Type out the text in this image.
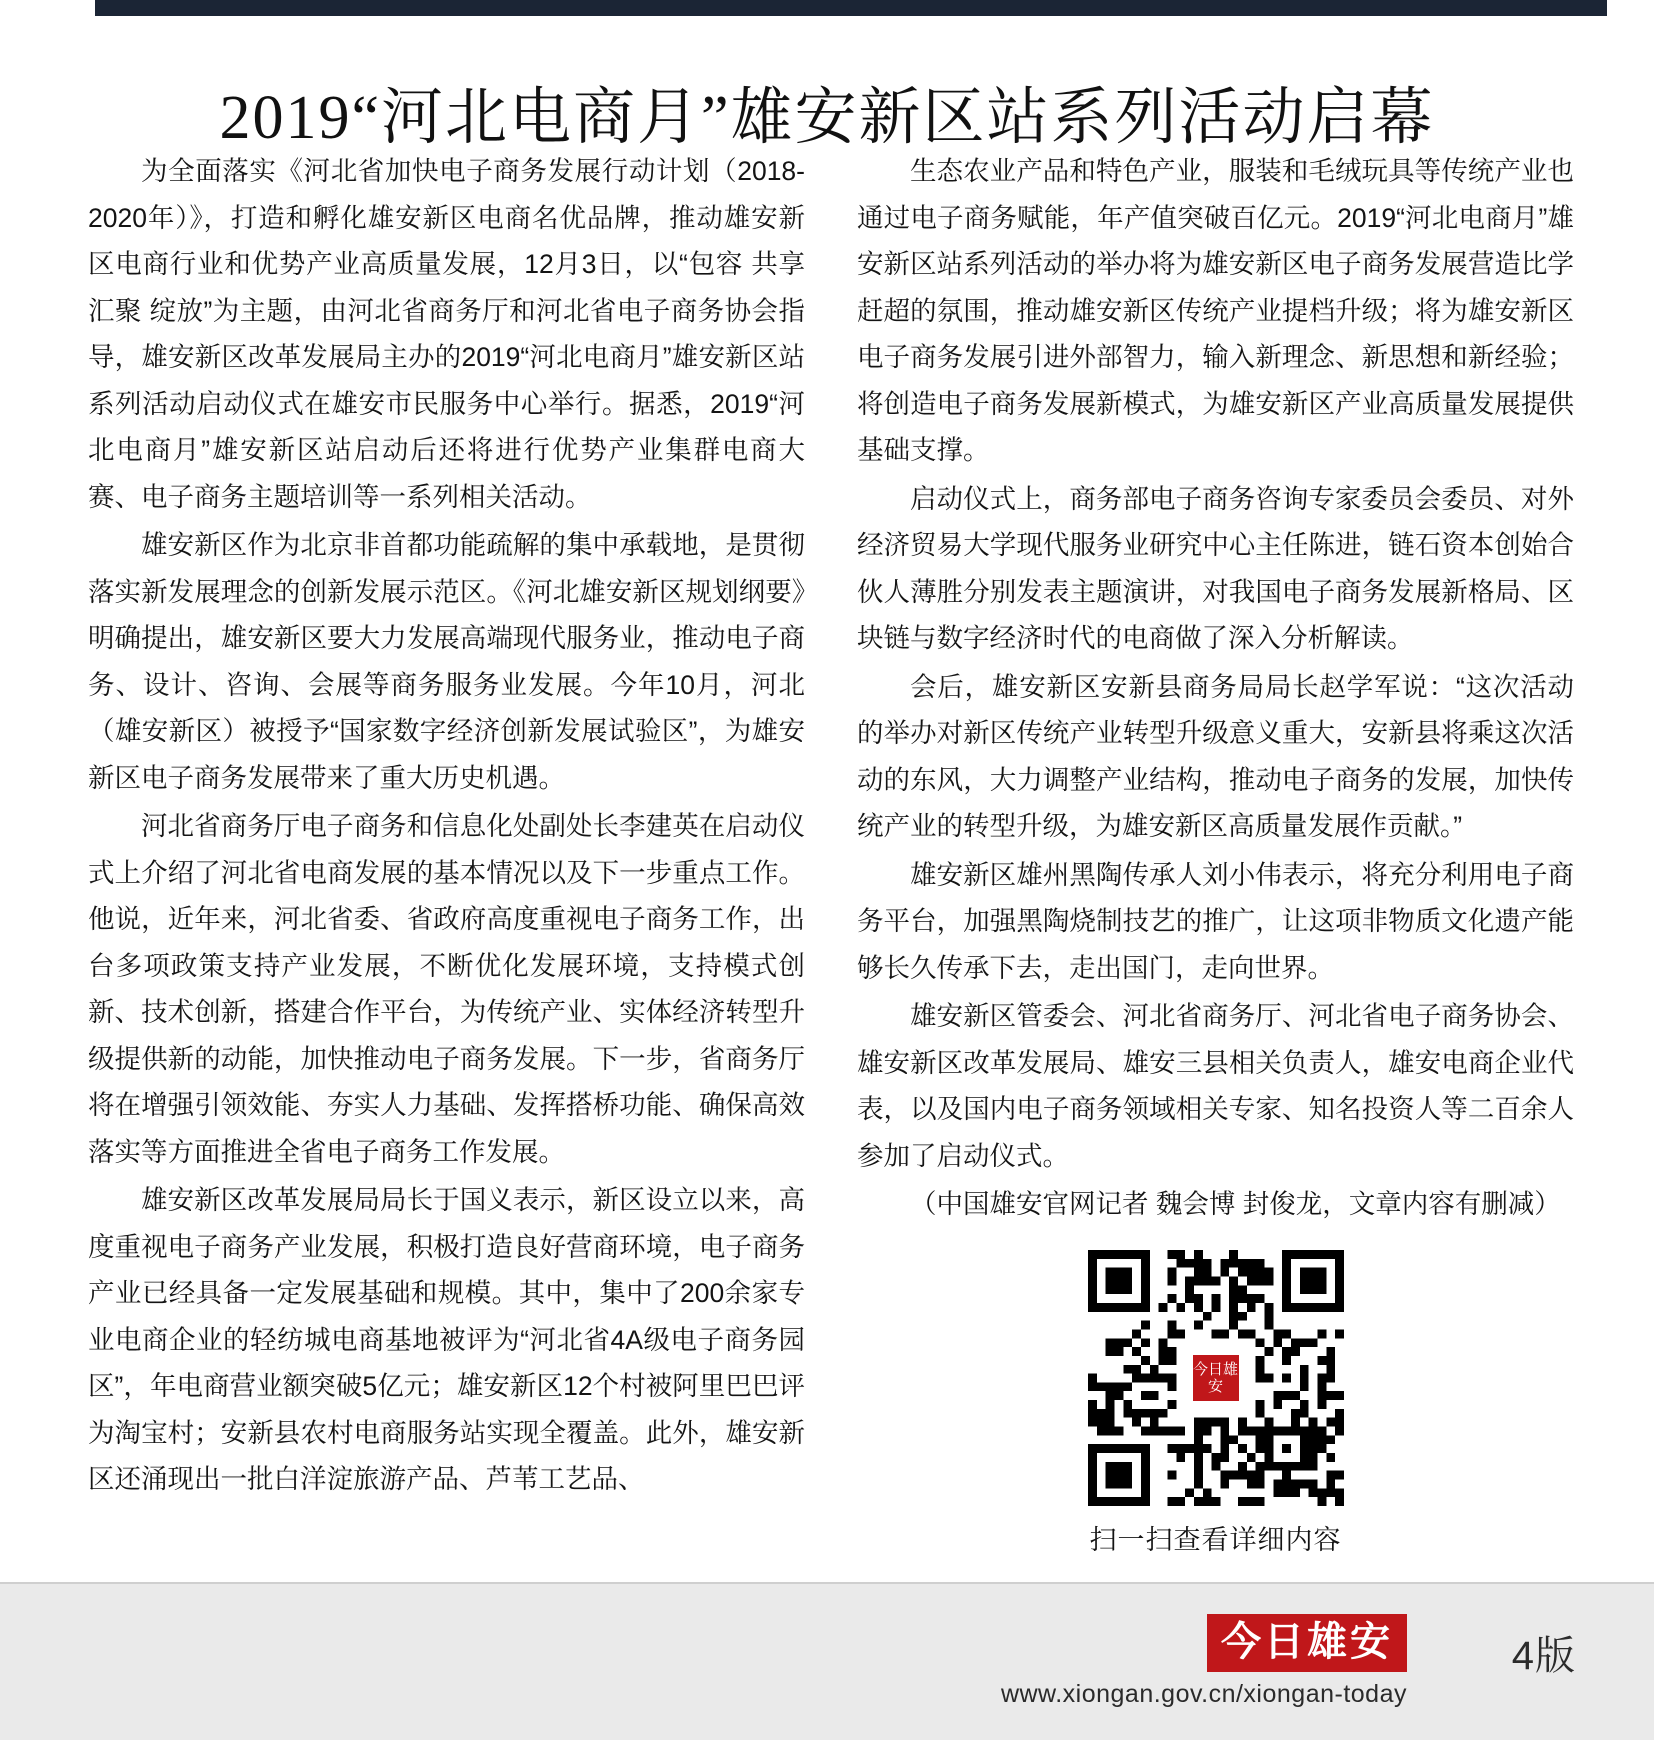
2019“河北电商月”雄安新区站系列活动启幕

为全面落实《河北省加快电子商务发展行动计划（2018-2020年）》，打造和孵化雄安新区电商名优品牌，推动雄安新区电商行业和优势产业高质量发展，12月3日，以“包容 共享 汇聚 绽放”为主题，由河北省商务厅和河北省电子商务协会指导，雄安新区改革发展局主办的2019“河北电商月”雄安新区站系列活动启动仪式在雄安市民服务中心举行。据悉，2019“河北电商月”雄安新区站启动后还将进行优势产业集群电商大赛、电子商务主题培训等一系列相关活动。

雄安新区作为北京非首都功能疏解的集中承载地，是贯彻落实新发展理念的创新发展示范区。《河北雄安新区规划纲要》明确提出，雄安新区要大力发展高端现代服务业，推动电子商务、设计、咨询、会展等商务服务业发展。今年10月，河北（雄安新区）被授予“国家数字经济创新发展试验区”，为雄安新区电子商务发展带来了重大历史机遇。

河北省商务厅电子商务和信息化处副处长李建英在启动仪式上介绍了河北省电商发展的基本情况以及下一步重点工作。他说，近年来，河北省委、省政府高度重视电子商务工作，出台多项政策支持产业发展，不断优化发展环境，支持模式创新、技术创新，搭建合作平台，为传统产业、实体经济转型升级提供新的动能，加快推动电子商务发展。下一步，省商务厅将在增强引领效能、夯实人力基础、发挥搭桥功能、确保高效落实等方面推进全省电子商务工作发展。

雄安新区改革发展局局长于国义表示，新区设立以来，高度重视电子商务产业发展，积极打造良好营商环境，电子商务产业已经具备一定发展基础和规模。其中，集中了200余家专业电商企业的轻纺城电商基地被评为“河北省4A级电子商务园区”，年电商营业额突破5亿元；雄安新区12个村被阿里巴巴评为淘宝村；安新县农村电商服务站实现全覆盖。此外，雄安新区还涌现出一批白洋淀旅游产品、芦苇工艺品、

生态农业产品和特色产业，服装和毛绒玩具等传统产业也通过电子商务赋能，年产值突破百亿元。2019“河北电商月”雄安新区站系列活动的举办将为雄安新区电子商务发展营造比学赶超的氛围，推动雄安新区传统产业提档升级；将为雄安新区电子商务发展引进外部智力，输入新理念、新思想和新经验；将创造电子商务发展新模式，为雄安新区产业高质量发展提供基础支撑。

启动仪式上，商务部电子商务咨询专家委员会委员、对外经济贸易大学现代服务业研究中心主任陈进，链石资本创始合伙人薄胜分别发表主题演讲，对我国电子商务发展新格局、区块链与数字经济时代的电商做了深入分析解读。

会后，雄安新区安新县商务局局长赵学军说：“这次活动的举办对新区传统产业转型升级意义重大，安新县将乘这次活动的东风，大力调整产业结构，推动电子商务的发展，加快传统产业的转型升级，为雄安新区高质量发展作贡献。”

雄安新区雄州黑陶传承人刘小伟表示，将充分利用电子商务平台，加强黑陶烧制技艺的推广，让这项非物质文化遗产能够长久传承下去，走出国门，走向世界。

雄安新区管委会、河北省商务厅、河北省电子商务协会、雄安新区改革发展局、雄安三县相关负责人，雄安电商企业代表，以及国内电子商务领域相关专家、知名投资人等二百余人参加了启动仪式。

（中国雄安官网记者 魏会博 封俊龙，文章内容有删减）

今日雄安
扫一扫查看详细内容
今日雄安
www.xiongan.gov.cn/xiongan-today
4版
